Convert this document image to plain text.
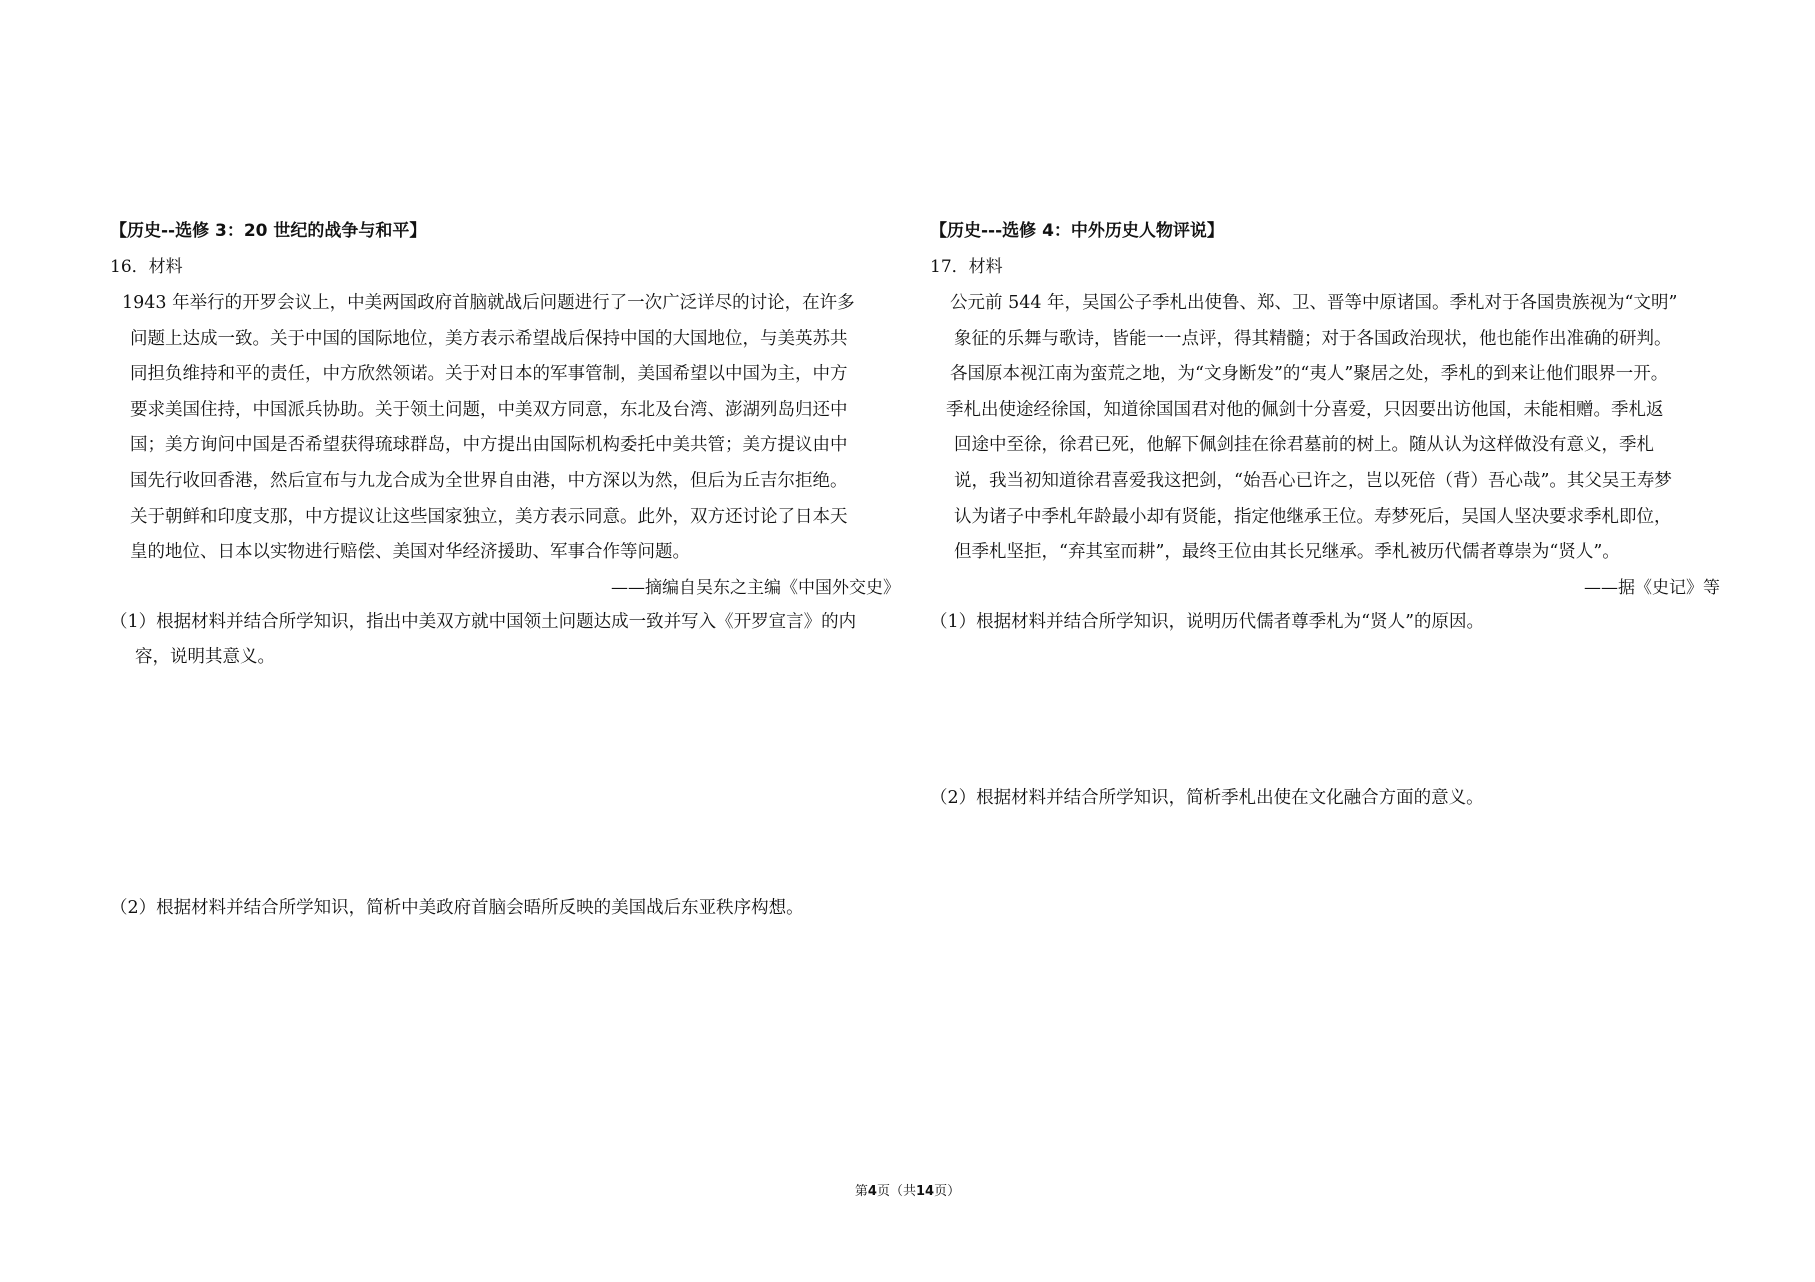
【历史--选修 3：20 世纪的战争与和平】
16．材料
1943 年举行的开罗会议上，中美两国政府首脑就战后问题进行了一次广泛详尽的讨论，在许多
问题上达成一致。关于中国的国际地位，美方表示希望战后保持中国的大国地位，与美英苏共
同担负维持和平的责任，中方欣然领诺。关于对日本的军事管制，美国希望以中国为主，中方
要求美国住持，中国派兵协助。关于领土问题，中美双方同意，东北及台湾、澎湖列岛归还中
国；美方询问中国是否希望获得琉球群岛，中方提出由国际机构委托中美共管；美方提议由中
国先行收回香港，然后宣布与九龙合成为全世界自由港，中方深以为然，但后为丘吉尔拒绝。
关于朝鲜和印度支那，中方提议让这些国家独立，美方表示同意。此外，双方还讨论了日本天
皇的地位、日本以实物进行赔偿、美国对华经济援助、军事合作等问题。
——摘编自吴东之主编《中国外交史》
（1）根据材料并结合所学知识，指出中美双方就中国领土问题达成一致并写入《开罗宣言》的内
容，说明其意义。
（2）根据材料并结合所学知识，简析中美政府首脑会晤所反映的美国战后东亚秩序构想。
【历史---选修 4：中外历史人物评说】
17．材料
公元前 544 年，吴国公子季札出使鲁、郑、卫、晋等中原诸国。季札对于各国贵族视为“文明”
象征的乐舞与歌诗，皆能一一点评，得其精髓；对于各国政治现状，他也能作出准确的研判。
各国原本视江南为蛮荒之地，为“文身断发”的“夷人”聚居之处，季札的到来让他们眼界一开。
季札出使途经徐国，知道徐国国君对他的佩剑十分喜爱，只因要出访他国，未能相赠。季札返
回途中至徐，徐君已死，他解下佩剑挂在徐君墓前的树上。随从认为这样做没有意义，季札
说，我当初知道徐君喜爱我这把剑，“始吾心已许之，岂以死倍（背）吾心哉”。其父吴王寿梦
认为诸子中季札年龄最小却有贤能，指定他继承王位。寿梦死后，吴国人坚决要求季札即位，
但季札坚拒，“弃其室而耕”，最终王位由其长兄继承。季札被历代儒者尊崇为“贤人”。
——据《史记》等
（1）根据材料并结合所学知识，说明历代儒者尊季札为“贤人”的原因。
（2）根据材料并结合所学知识，简析季札出使在文化融合方面的意义。
第4页（共14页）
